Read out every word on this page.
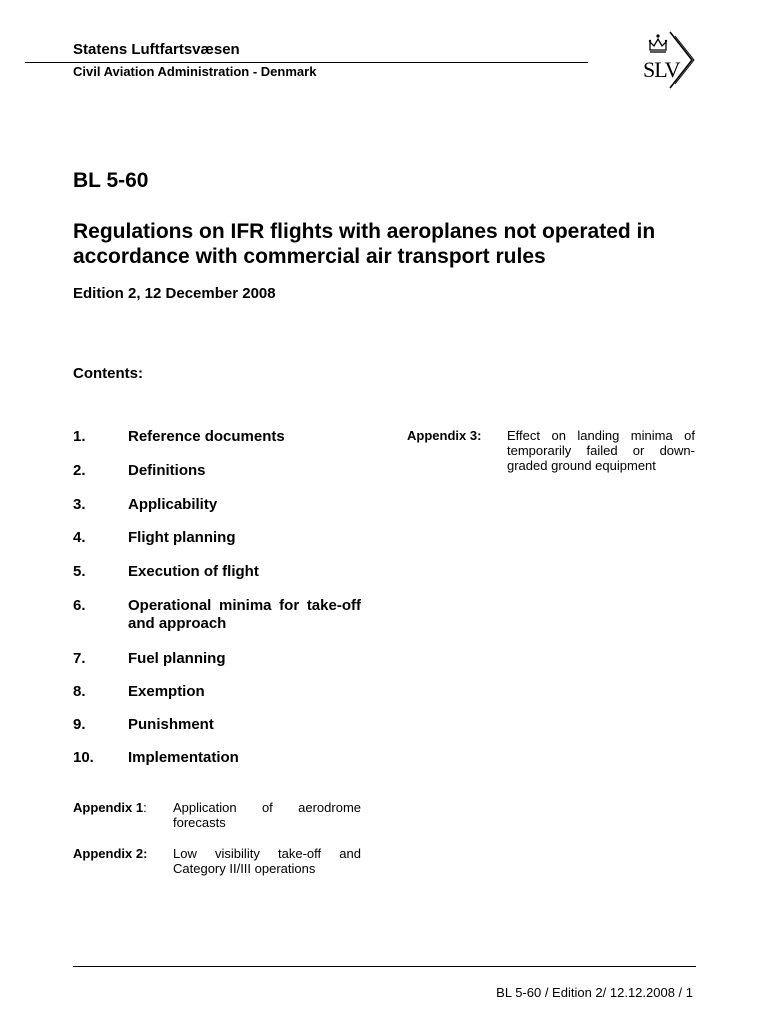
Statens Luftfartsvæsen
Civil Aviation Administration - Denmark	SLV
BL 5-60
Regulations on IFR flights with aeroplanes not operated in accordance with commercial air transport rules
Edition 2, 12 December 2008
Contents:
1.	Reference documents
2.	Definitions
3.	Applicability
4.	Flight planning
5.	Execution of flight
6.	Operational minima for take-off and approach
7.	Fuel planning
8.	Exemption
9.	Punishment
10. Implementation
Appendix 1: Application of aerodrome forecasts
Appendix 2: Low visibility take-off and Category II/III operations
Appendix 3: Effect on landing minima of temporarily failed or down-graded ground equipment
BL 5-60 / Edition 2/ 12.12.2008 / 1
